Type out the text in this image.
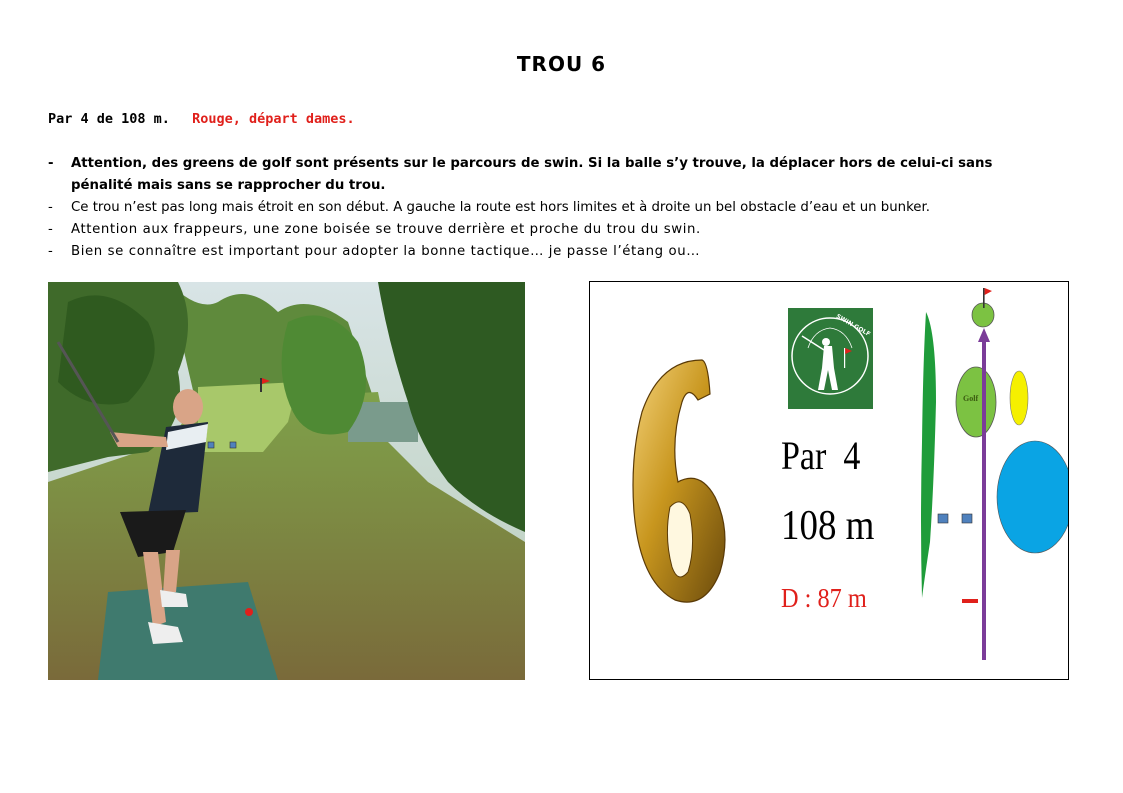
TROU 6
Par 4 de 108 m. Rouge, départ dames.
- Attention, des greens de golf sont présents sur le parcours de swin. Si la balle s’y trouve, la déplacer hors de celui-ci sans pénalité mais sans se rapprocher du trou.
- Ce trou n’est pas long mais étroit en son début. A gauche la route est hors limites et à droite un bel obstacle d’eau et un bunker.
- Attention aux frappeurs, une zone boisée se trouve derrière et proche du trou du swin.
- Bien se connaître est important pour adopter la bonne tactique… je passe l’étang ou…
SWIN GOLF
Par  4
108 m
D : 87 m
Golf
